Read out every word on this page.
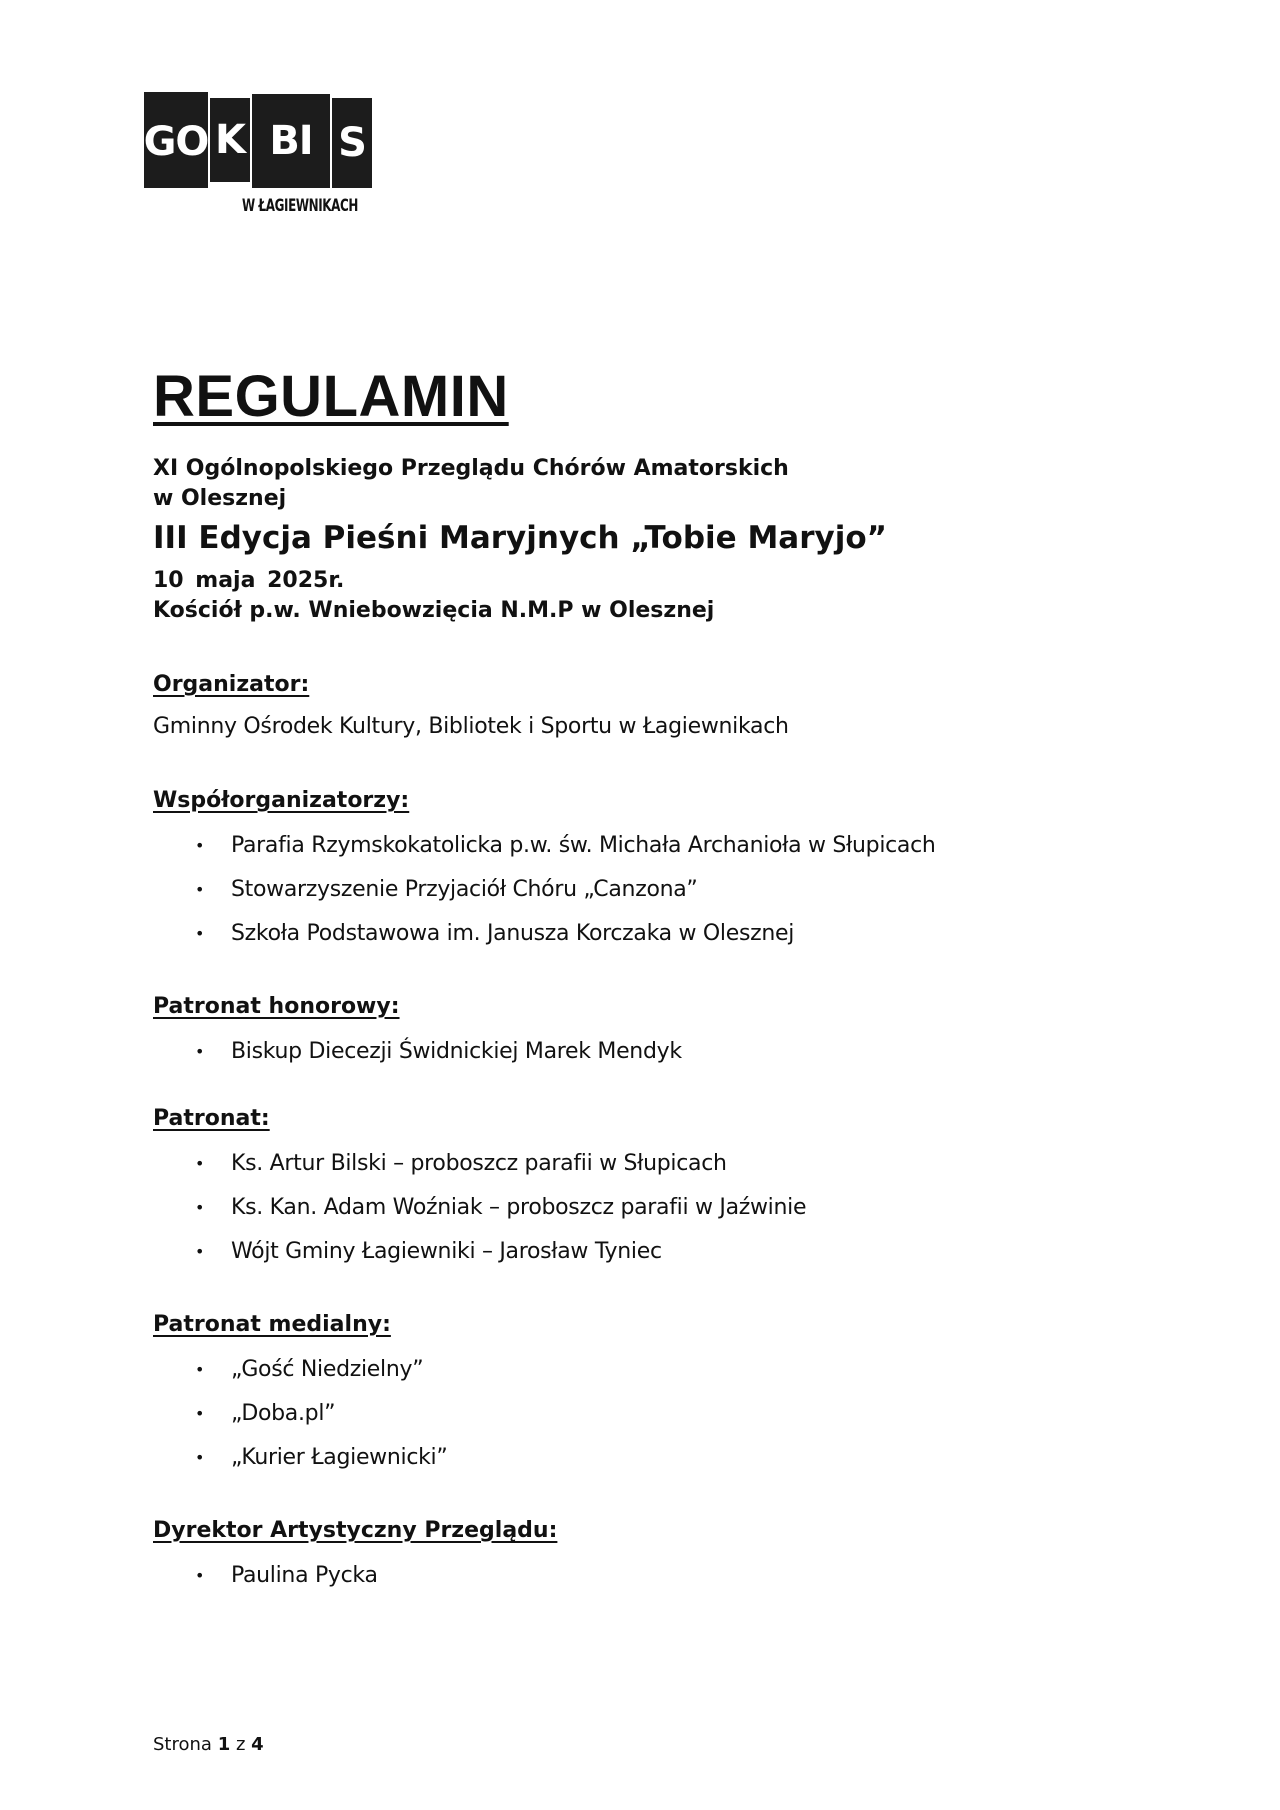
GO K BI S
W ŁAGIEWNIKACH
REGULAMIN

XI Ogólnopolskiego Przeglądu Chórów Amatorskich

w Olesznej

III Edycja Pieśni Maryjnych „Tobie Maryjo”

10 maja 2025r.

Kościół p.w. Wniebowzięcia N.M.P w Olesznej

Organizator:

Gminny Ośrodek Kultury, Bibliotek i Sportu w Łagiewnikach

Współorganizatorzy:

• Parafia Rzymskokatolicka p.w. św. Michała Archanioła w Słupicach
• Stowarzyszenie Przyjaciół Chóru „Canzona”
• Szkoła Podstawowa im. Janusza Korczaka w Olesznej

Patronat honorowy:

• Biskup Diecezji Świdnickiej Marek Mendyk

Patronat:

• Ks. Artur Bilski – proboszcz parafii w Słupicach
• Ks. Kan. Adam Woźniak – proboszcz parafii w Jaźwinie
• Wójt Gminy Łagiewniki – Jarosław Tyniec

Patronat medialny:

• „Gość Niedzielny”
• „Doba.pl”
• „Kurier Łagiewnicki”

Dyrektor Artystyczny Przeglądu:

• Paulina Pycka
Strona 1 z 4
